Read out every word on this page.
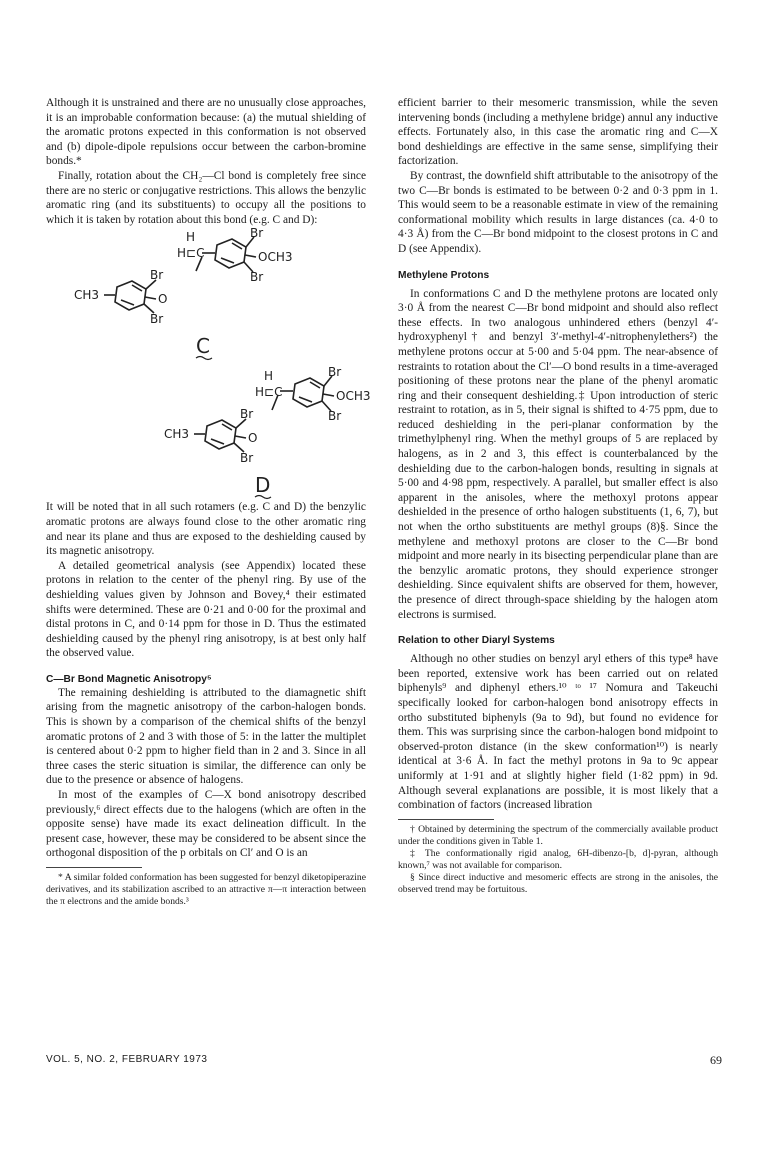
Although it is unstrained and there are no unusually close approaches, it is an improbable conformation because: (a) the mutual shielding of the aromatic protons expected in this conformation is not observed and (b) dipole-dipole repulsions occur between the carbon-bromine bonds.*

Finally, rotation about the CH₂—Cl bond is completely free since there are no steric or conjugative restrictions. This allows the benzylic aromatic ring (and its substituents) to occupy all the positions to which it is taken by rotation about this bond (e.g. C and D):

H
H⊏C
Br
OCH3
Br
Br
O
CH3
Br
C
H
H⊏C
Br
OCH3
Br
Br
O
CH3
Br
D

It will be noted that in all such rotamers (e.g. C and D) the benzylic aromatic protons are always found close to the other aromatic ring and near its plane and thus are exposed to the deshielding caused by its magnetic anisotropy.

A detailed geometrical analysis (see Appendix) located these protons in relation to the center of the phenyl ring. By use of the deshielding values given by Johnson and Bovey,⁴ their estimated shifts were determined. These are 0·21 and 0·00 for the proximal and distal protons in C, and 0·14 ppm for those in D. Thus the estimated deshielding caused by the phenyl ring anisotropy, is at best only half the observed value.

C—Br Bond Magnetic Anisotropy⁵

The remaining deshielding is attributed to the diamagnetic shift arising from the magnetic anisotropy of the carbon-halogen bonds. This is shown by a comparison of the chemical shifts of the benzyl aromatic protons of 2 and 3 with those of 5: in the latter the multiplet is centered about 0·2 ppm to higher field than in 2 and 3. Since in all three cases the steric situation is similar, the difference can only be due to the presence or absence of halogens.

In most of the examples of C—X bond anisotropy described previously,⁶ direct effects due to the halogens (which are often in the opposite sense) have made its exact delineation difficult. In the present case, however, these may be considered to be absent since the orthogonal disposition of the p orbitals on Cl′ and O is an

* A similar folded conformation has been suggested for benzyl diketopiperazine derivatives, and its stabilization ascribed to an attractive π—π interaction between the π electrons and the amide bonds.³

efficient barrier to their mesomeric transmission, while the seven intervening bonds (including a methylene bridge) annul any inductive effects. Fortunately also, in this case the aromatic ring and C—X bond deshieldings are effective in the same sense, simplifying their factorization.

By contrast, the downfield shift attributable to the anisotropy of the two C—Br bonds is estimated to be between 0·2 and 0·3 ppm in 1. This would seem to be a reasonable estimate in view of the remaining conformational mobility which results in large distances (ca. 4·0 to 4·3 Å) from the C—Br bond midpoint to the closest protons in C and D (see Appendix).

Methylene Protons

In conformations C and D the methylene protons are located only 3·0 Å from the nearest C—Br bond midpoint and should also reflect these effects. In two analogous unhindered ethers (benzyl 4′-hydroxyphenyl† and benzyl 3′-methyl-4′-nitrophenylethers²) the methylene protons occur at 5·00 and 5·04 ppm. The near-absence of restraints to rotation about the Cl′—O bond results in a time-averaged positioning of these protons near the plane of the phenyl aromatic ring and their consequent deshielding.‡ Upon introduction of steric restraint to rotation, as in 5, their signal is shifted to 4·75 ppm, due to reduced deshielding in the peri-planar conformation by the trimethylphenyl ring. When the methyl groups of 5 are replaced by halogens, as in 2 and 3, this effect is counterbalanced by the deshielding due to the carbon-halogen bonds, resulting in signals at 5·00 and 4·98 ppm, respectively. A parallel, but smaller effect is also apparent in the anisoles, where the methoxyl protons appear deshielded in the presence of ortho halogen substituents (1, 6, 7), but not when the ortho substituents are methyl groups (8)§. Since the methylene and methoxyl protons are closer to the C—Br bond midpoint and more nearly in its bisecting perpendicular plane than are the benzylic aromatic protons, they should experience stronger deshielding. Since equivalent shifts are observed for them, however, the presence of direct through-space shielding by the halogen atom electrons is surmised.

Relation to other Diaryl Systems

Although no other studies on benzyl aryl ethers of this type⁸ have been reported, extensive work has been carried out on related biphenyls⁹ and diphenyl ethers.¹⁰ ᵗᵒ ¹⁷ Nomura and Takeuchi specifically looked for carbon-halogen bond anisotropy effects in ortho substituted biphenyls (9a to 9d), but found no evidence for them. This was surprising since the carbon-halogen bond midpoint to observed-proton distance (in the skew conformation¹⁰) is nearly identical at 3·6 Å. In fact the methyl protons in 9a to 9c appear uniformly at 1·91 and at slightly higher field (1·82 ppm) in 9d. Although several explanations are possible, it is most likely that a combination of factors (increased libration

† Obtained by determining the spectrum of the commercially available product under the conditions given in Table 1.

‡ The conformationally rigid analog, 6H-dibenzo-[b, d]-pyran, although known,⁷ was not available for comparison.

§ Since direct inductive and mesomeric effects are strong in the anisoles, the observed trend may be fortuitous.

VOL. 5, NO. 2, FEBRUARY 1973	69
